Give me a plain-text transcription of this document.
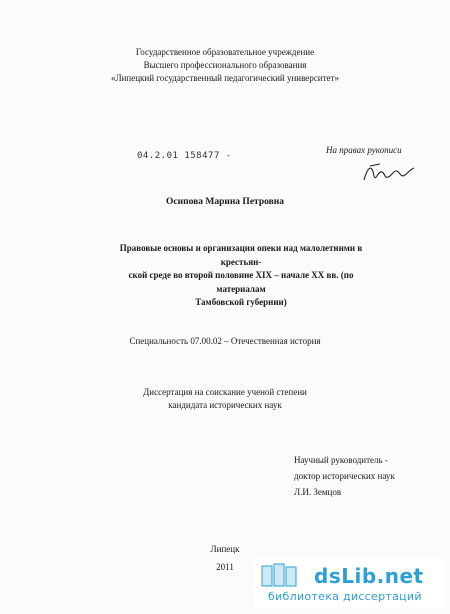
Государственное образовательное учреждение
Высшего профессионального образования
«Липецкий государственный педагогический университет»
04.2.01 158477 -
На правах рукописи
Осипова Марина Петровна
Правовые основы и организация опеки над малолетними в крестьян-
ской среде во второй половине XIX – начале XX вв. (по материалам
Тамбовской губернии)
Специальность 07.00.02 – Отечественная история
Диссертация на соискание ученой степени
кандидата исторических наук
Научный руководитель -
доктор исторических наук
Л.И. Земцов
Липецк
2011	dsLib.net
библиотека диссертаций
